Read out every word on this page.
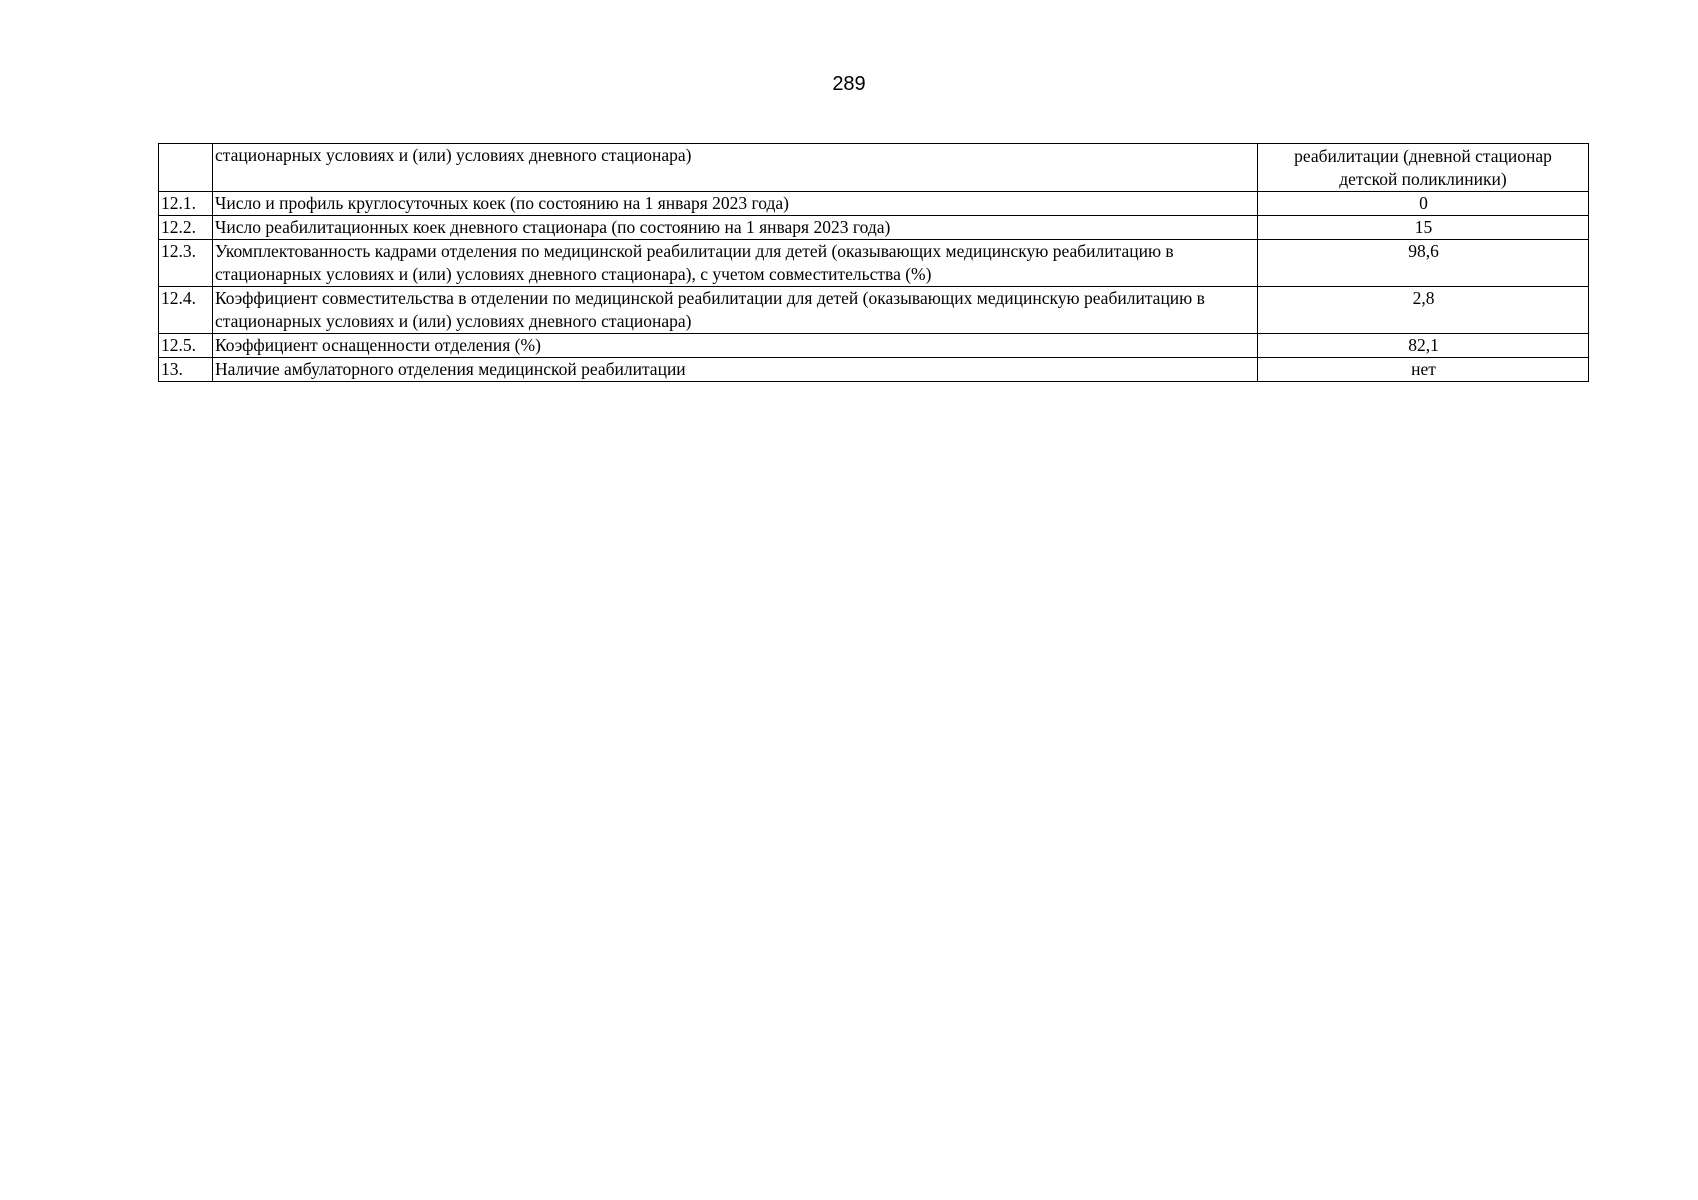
289
	стационарных условиях и (или) условиях дневного стационара)	реабилитации (дневной стационар детской поликлиники)
12.1.	Число и профиль круглосуточных коек (по состоянию на 1 января 2023 года)	0
12.2.	Число реабилитационных коек дневного стационара (по состоянию на 1 января 2023 года)	15
12.3.	Укомплектованность кадрами отделения по медицинской реабилитации для детей (оказывающих медицинскую реабилитацию в стационарных условиях и (или) условиях дневного стационара), с учетом совместительства (%)	98,6
12.4.	Коэффициент совместительства в отделении по медицинской реабилитации для детей (оказывающих медицинскую реабилитацию в стационарных условиях и (или) условиях дневного стационара)	2,8
12.5.	Коэффициент оснащенности отделения (%)	82,1
13.	Наличие амбулаторного отделения медицинской реабилитации	нет
